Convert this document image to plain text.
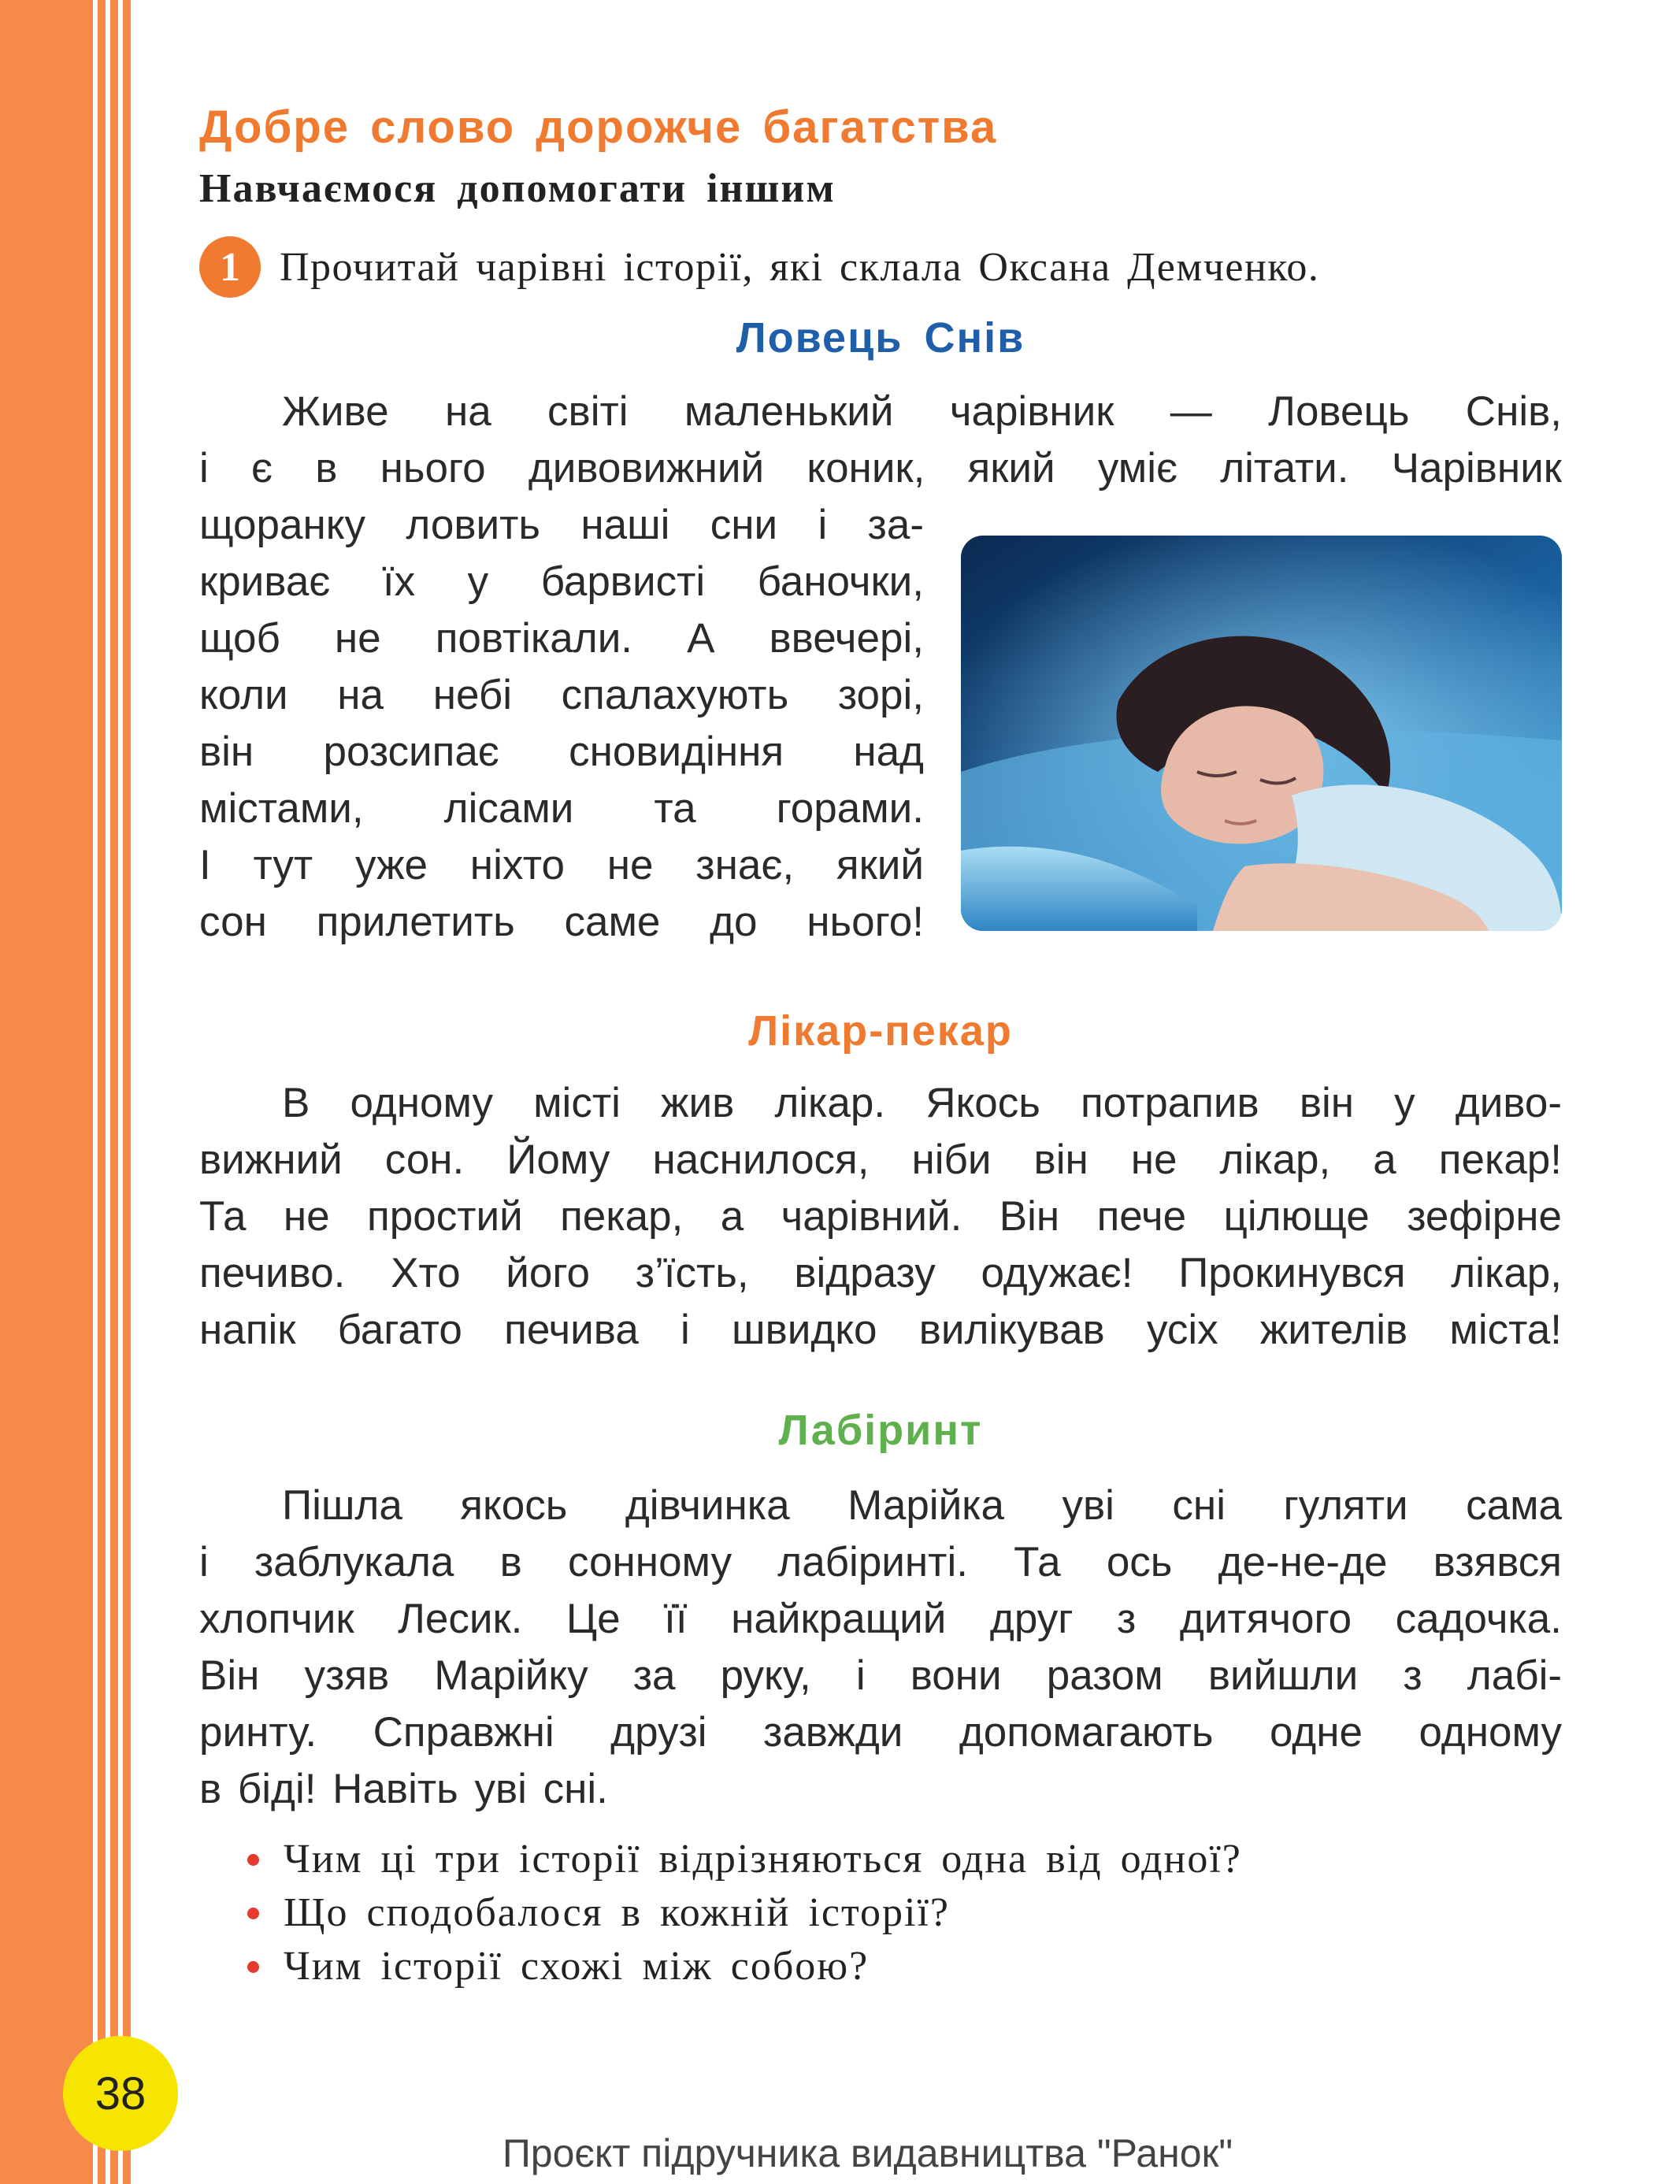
Добре слово дорожче багатства
Навчаємося допомогати іншим
1 Прочитай чарівні історії, які склала Оксана Демченко.
Ловець Снів
Живе на світі маленький чарівник — Ловець Снів,
і є в нього дивовижний коник, який уміє літати. Чарівник
щоранку ловить наші сни і за-
криває їх у барвисті баночки,
щоб не повтікали. А ввечері,
коли на небі спалахують зорі,
він розсипає сновидіння над
містами, лісами та горами.
І тут уже ніхто не знає, який
сон прилетить саме до нього!
Лікар-пекар
В одному місті жив лікар. Якось потрапив він у диво-
вижний сон. Йому наснилося, ніби він не лікар, а пекар!
Та не простий пекар, а чарівний. Він пече цілюще зефірне
печиво. Хто його з’їсть, відразу одужає! Прокинувся лікар,
напік багато печива і швидко вилікував усіх жителів міста!
Лабіринт
Пішла якось дівчинка Марійка уві сні гуляти сама
і заблукала в сонному лабіринті. Та ось де-не-де взявся
хлопчик Лесик. Це її найкращий друг з дитячого садочка.
Він узяв Марійку за руку, і вони разом вийшли з лабі-
ринту. Справжні друзі завжди допомагають одне одному
в біді! Навіть уві сні.
Чим ці три історії відрізняються одна від одної?
Що сподобалося в кожній історії?
Чим історії схожі між собою?
38
Проєкт підручника видавництва "Ранок"
